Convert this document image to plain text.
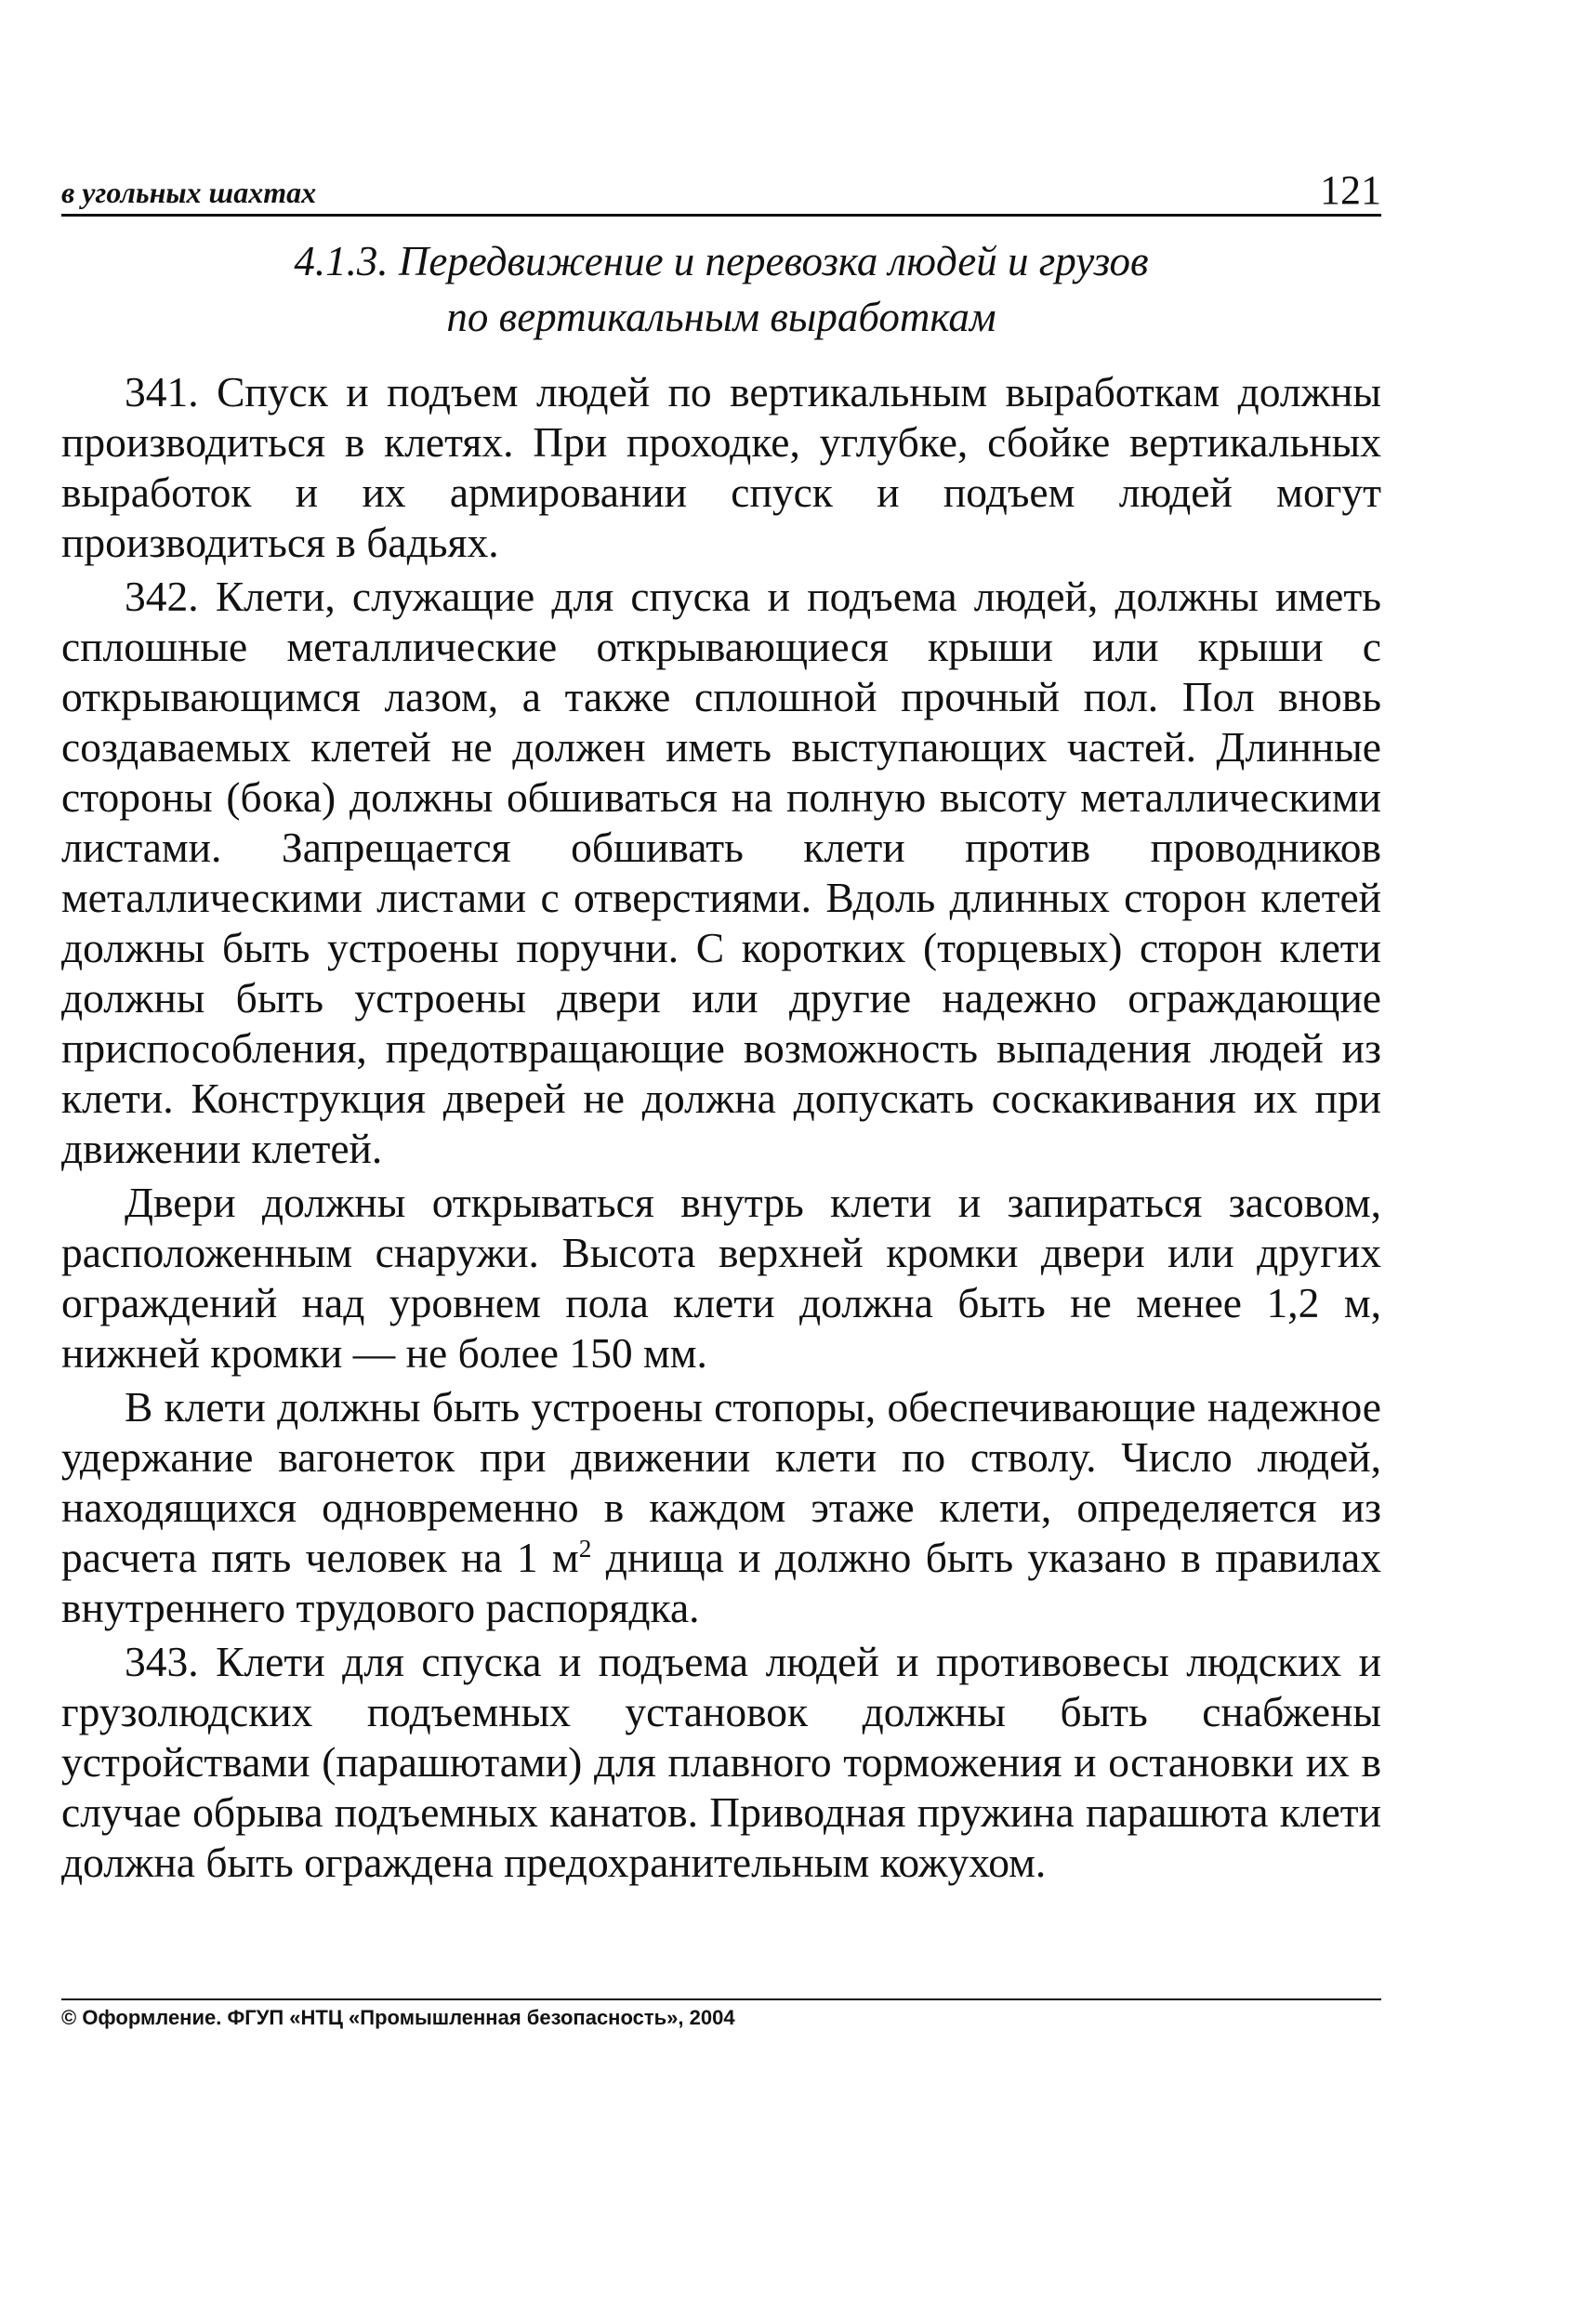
в угольных шахтах	121
4.1.3. Передвижение и перевозка людей и грузов
по вертикальным выработкам

341. Спуск и подъем людей по вертикальным выработкам должны производиться в клетях. При проходке, углубке, сбойке вертикальных выработок и их армировании спуск и подъем людей могут производиться в бадьях.

342. Клети, служащие для спуска и подъема людей, должны иметь сплошные металлические открывающиеся крыши или крыши с открывающимся лазом, а также сплошной прочный пол. Пол вновь создаваемых клетей не должен иметь выступающих частей. Длинные стороны (бока) должны обшиваться на полную высоту металлическими листами. Запрещается обшивать клети против проводников металлическими листами с отверстиями. Вдоль длинных сторон клетей должны быть устроены поручни. С коротких (торцевых) сторон клети должны быть устроены двери или другие надежно ограждающие приспособления, предотвращающие возможность выпадения людей из клети. Конструкция дверей не должна допускать соскакивания их при движении клетей.

Двери должны открываться внутрь клети и запираться засовом, расположенным снаружи. Высота верхней кромки двери или других ограждений над уровнем пола клети должна быть не менее 1,2 м, нижней кромки — не более 150 мм.

В клети должны быть устроены стопоры, обеспечивающие надежное удержание вагонеток при движении клети по стволу. Число людей, находящихся одновременно в каждом этаже клети, определяется из расчета пять человек на 1 $м^2$ днища и должно быть указано в правилах внутреннего трудового распорядка.

343. Клети для спуска и подъема людей и противовесы людских и грузолюдских подъемных установок должны быть снабжены устройствами (парашютами) для плавного торможения и остановки их в случае обрыва подъемных канатов. Приводная пружина парашюта клети должна быть ограждена предохранительным кожухом.

© Оформление. ФГУП «НТЦ «Промышленная безопасность», 2004
